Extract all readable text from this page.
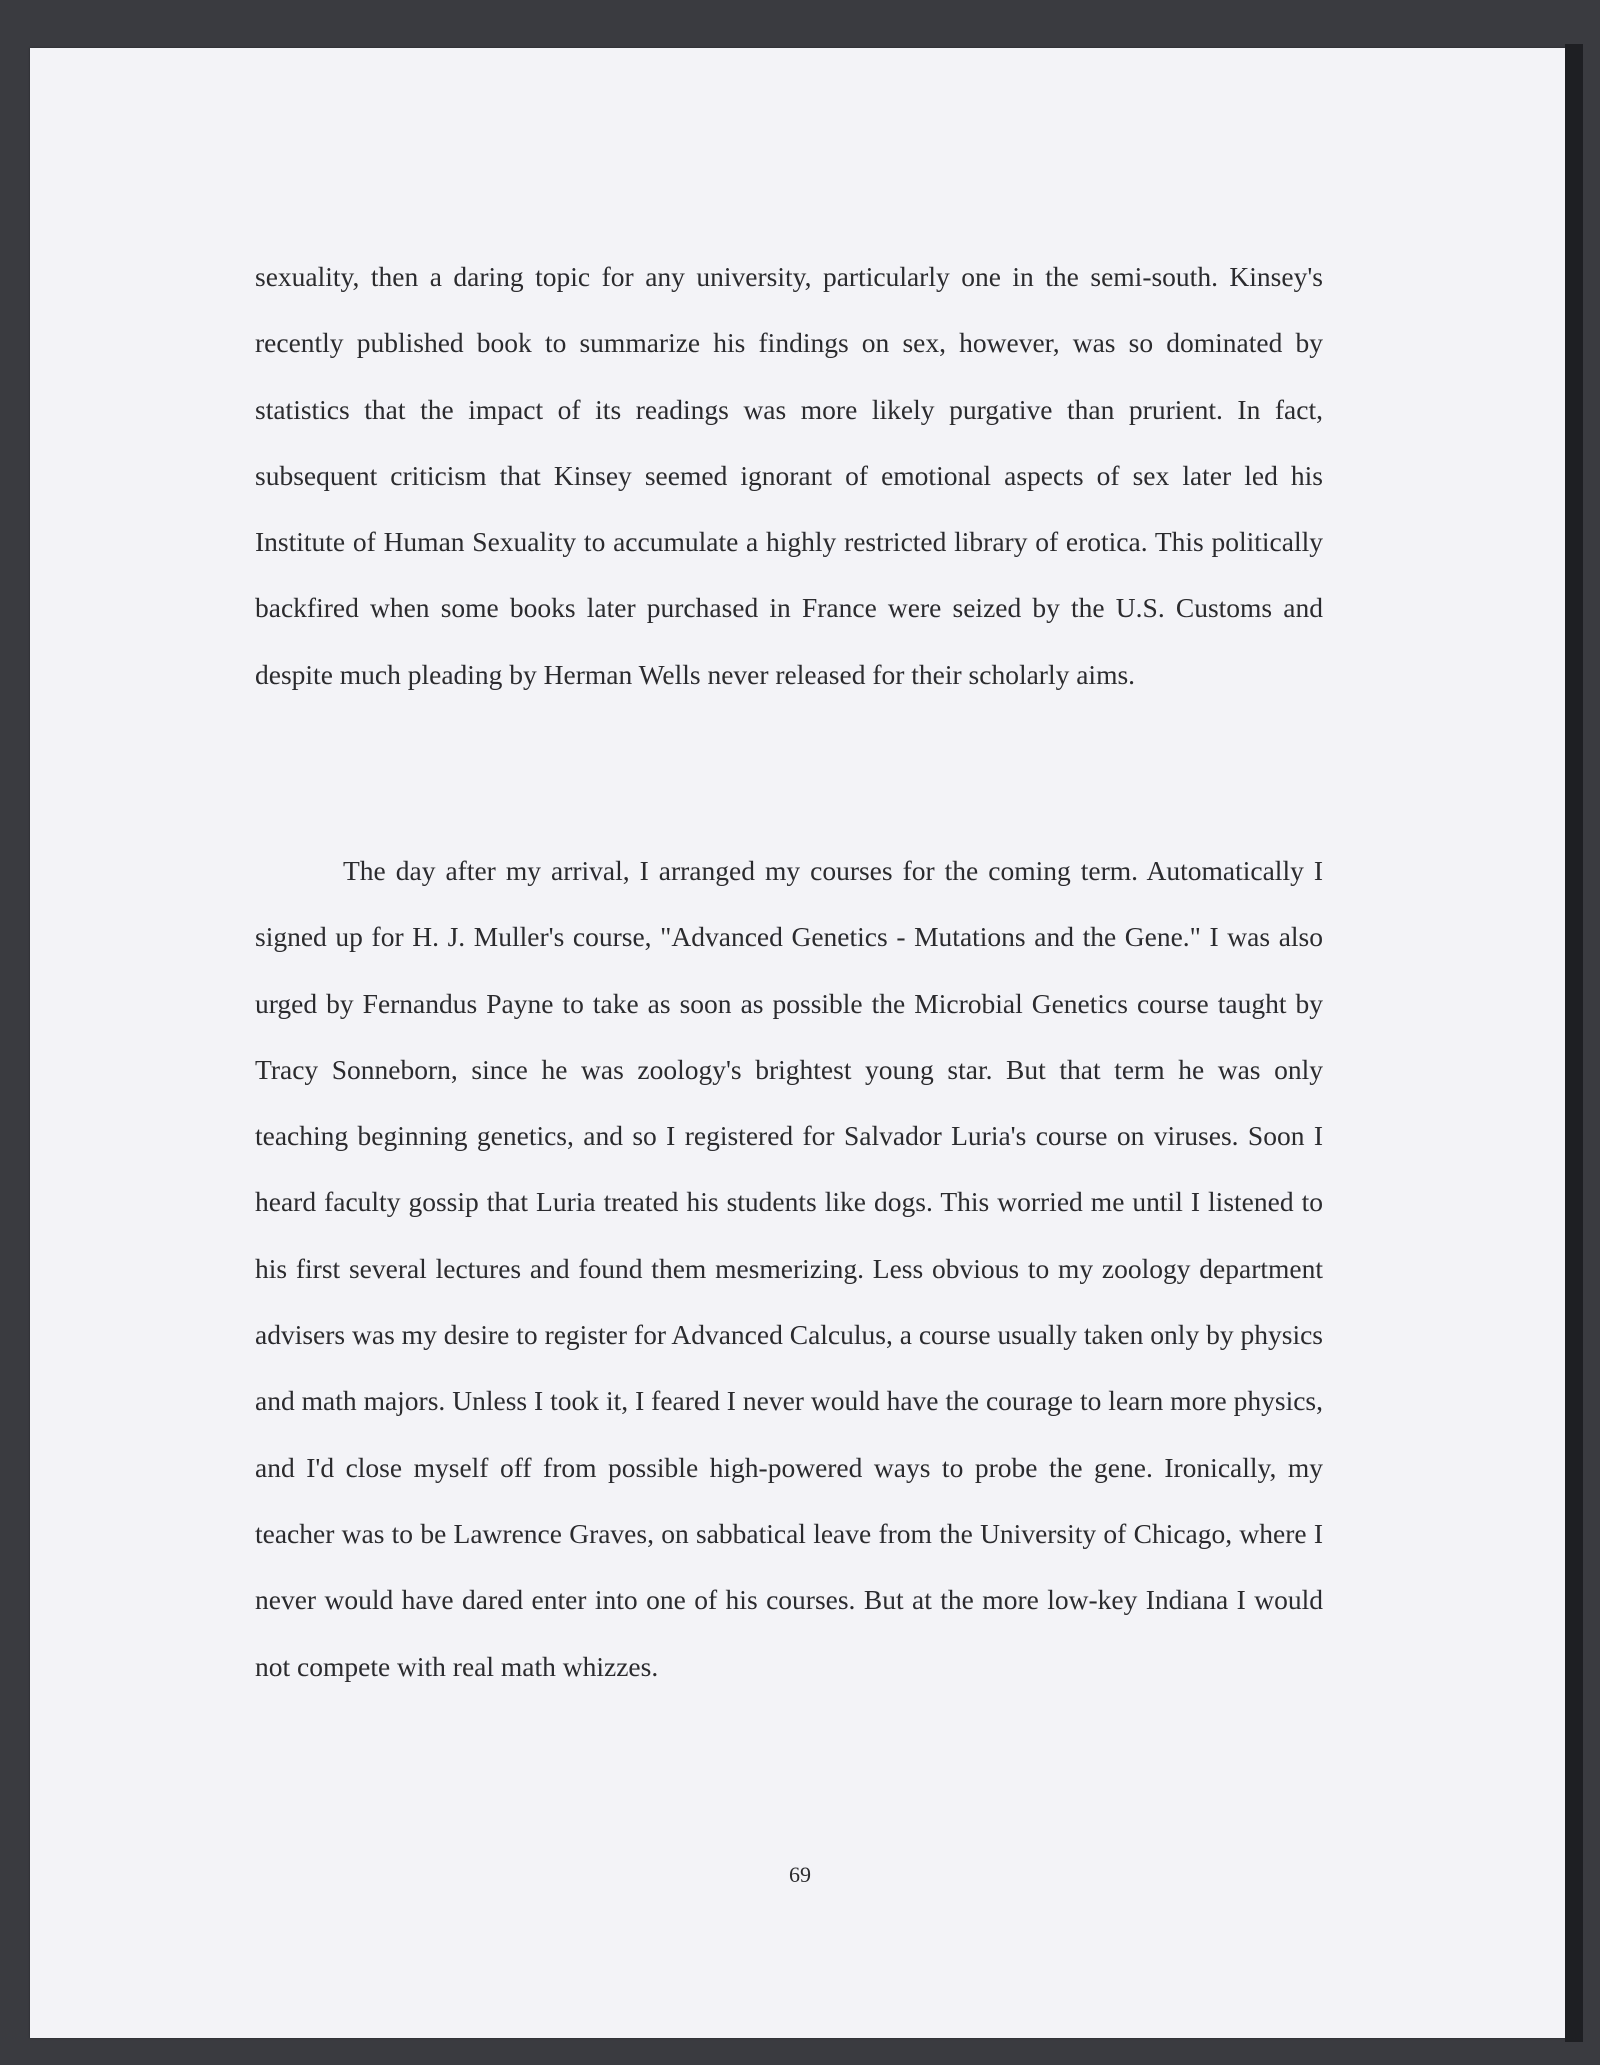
sexuality, then a daring topic for any university, particularly one in the semi-south. Kinsey's recently published book to summarize his findings on sex, however, was so dominated by statistics that the impact of its readings was more likely purgative than prurient. In fact, subsequent criticism that Kinsey seemed ignorant of emotional aspects of sex later led his Institute of Human Sexuality to accumulate a highly restricted library of erotica. This politically backfired when some books later purchased in France were seized by the U.S. Customs and despite much pleading by Herman Wells never released for their scholarly aims.

The day after my arrival, I arranged my courses for the coming term. Automatically I signed up for H. J. Muller's course, "Advanced Genetics - Mutations and the Gene." I was also urged by Fernandus Payne to take as soon as possible the Microbial Genetics course taught by Tracy Sonneborn, since he was zoology's brightest young star. But that term he was only teaching beginning genetics, and so I registered for Salvador Luria's course on viruses. Soon I heard faculty gossip that Luria treated his students like dogs. This worried me until I listened to his first several lectures and found them mesmerizing. Less obvious to my zoology department advisers was my desire to register for Advanced Calculus, a course usually taken only by physics and math majors. Unless I took it, I feared I never would have the courage to learn more physics, and I'd close myself off from possible high-powered ways to probe the gene. Ironically, my teacher was to be Lawrence Graves, on sabbatical leave from the University of Chicago, where I never would have dared enter into one of his courses. But at the more low-key Indiana I would not compete with real math whizzes.

69
